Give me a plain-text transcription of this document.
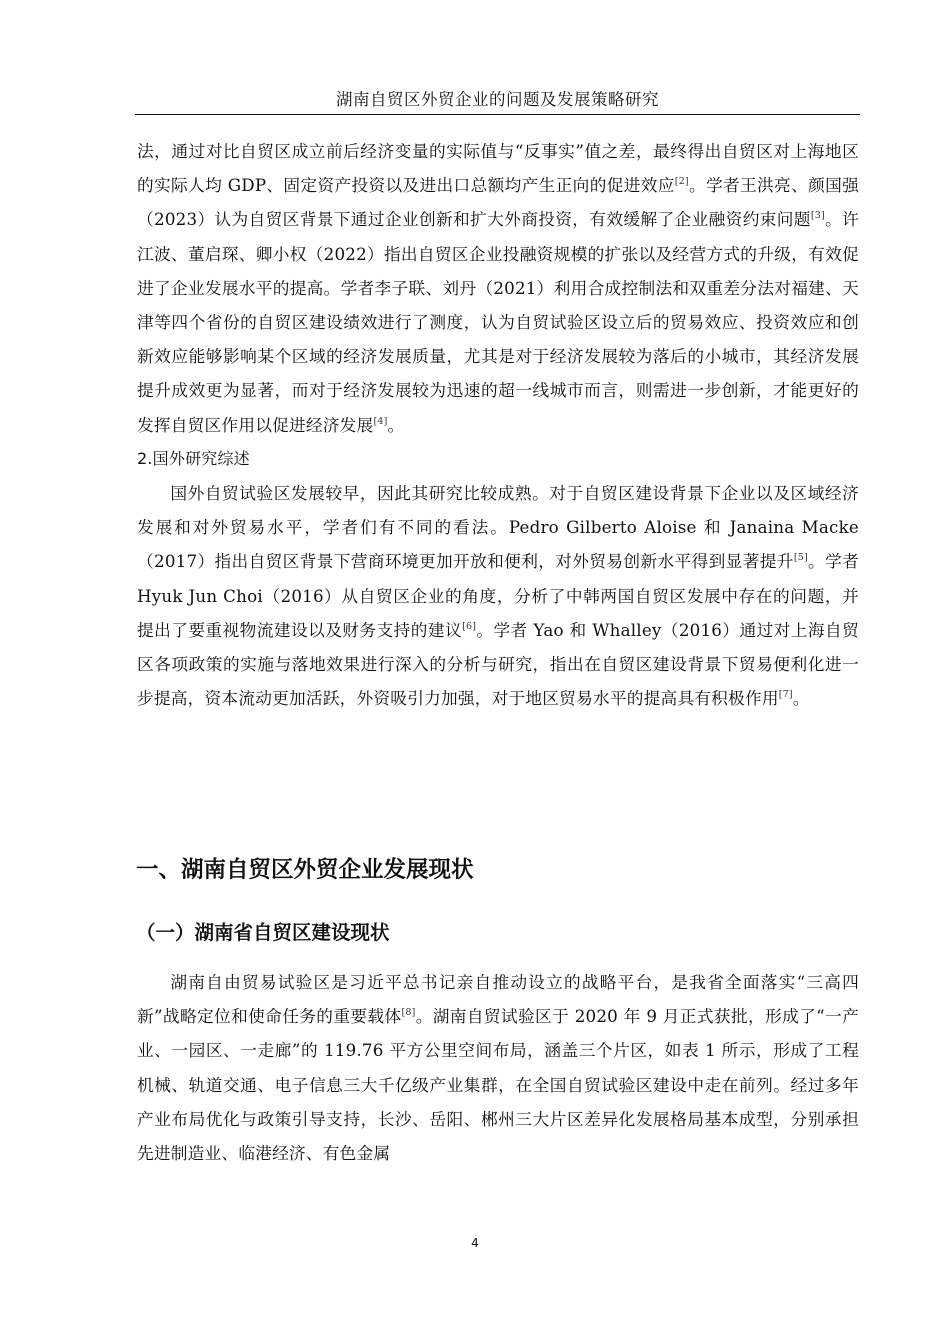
湖南自贸区外贸企业的问题及发展策略研究

法，通过对比自贸区成立前后经济变量的实际值与“反事实”值之差，最终得出自贸区对上海地区的实际人均 GDP、固定资产投资以及进出口总额均产生正向的促进效应[2]。学者王洪亮、颜国强（2023）认为自贸区背景下通过企业创新和扩大外商投资，有效缓解了企业融资约束问题[3]。许江波、董启琛、卿小权（2022）指出自贸区企业投融资规模的扩张以及经营方式的升级，有效促进了企业发展水平的提高。学者李子联、刘丹（2021）利用合成控制法和双重差分法对福建、天津等四个省份的自贸区建设绩效进行了测度，认为自贸试验区设立后的贸易效应、投资效应和创新效应能够影响某个区域的经济发展质量，尤其是对于经济发展较为落后的小城市，其经济发展提升成效更为显著，而对于经济发展较为迅速的超一线城市而言，则需进一步创新，才能更好的发挥自贸区作用以促进经济发展[4]。

2.国外研究综述

国外自贸试验区发展较早，因此其研究比较成熟。对于自贸区建设背景下企业以及区域经济发展和对外贸易水平，学者们有不同的看法。Pedro Gilberto Aloise 和 Janaina Macke（2017）指出自贸区背景下营商环境更加开放和便利，对外贸易创新水平得到显著提升[5]。学者 Hyuk Jun Choi（2016）从自贸区企业的角度，分析了中韩两国自贸区发展中存在的问题，并提出了要重视物流建设以及财务支持的建议[6]。学者 Yao 和 Whalley（2016）通过对上海自贸区各项政策的实施与落地效果进行深入的分析与研究，指出在自贸区建设背景下贸易便利化进一步提高，资本流动更加活跃，外资吸引力加强，对于地区贸易水平的提高具有积极作用[7]。

一、湖南自贸区外贸企业发展现状
（一）湖南省自贸区建设现状

湖南自由贸易试验区是习近平总书记亲自推动设立的战略平台，是我省全面落实“三高四新”战略定位和使命任务的重要载体[8]。湖南自贸试验区于 2020 年 9 月正式获批，形成了“一产业、一园区、一走廊”的 119.76 平方公里空间布局，涵盖三个片区，如表 1 所示，形成了工程机械、轨道交通、电子信息三大千亿级产业集群，在全国自贸试验区建设中走在前列。经过多年产业布局优化与政策引导支持，长沙、岳阳、郴州三大片区差异化发展格局基本成型，分别承担先进制造业、临港经济、有色金属

4
